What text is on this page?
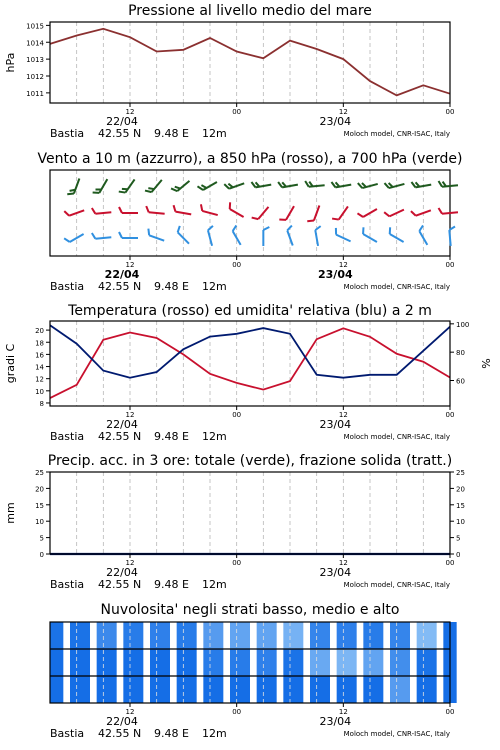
1011
1012
1013
1014
1015
Pressione al livello medio del mare
hPa
12	00	12	00
22/04	23/04
Bastia 42.55 N 9.48 E 12m	Moloch model, CNR-ISAC, Italy
Vento a 10 m (azzurro), a 850 hPa (rosso), a 700 hPa (verde)
12	00	12	00
22/04	23/04
Bastia 42.55 N 9.48 E 12m	Moloch model, CNR-ISAC, Italy
8
10
12
14
16
18
20
60
80
100
Temperatura (rosso) ed umidita' relativa (blu) a 2 m
gradi C	%
12	00	12	00
22/04	23/04
Bastia 42.55 N 9.48 E 12m	Moloch model, CNR-ISAC, Italy
0
5
10
15
20
25
0
5
10
15
20
25
Precip. acc. in 3 ore: totale (verde), frazione solida (tratt.)
mm
12	00	12	00
22/04	23/04
Bastia 42.55 N 9.48 E 12m	Moloch model, CNR-ISAC, Italy
Nuvolosita' negli strati basso, medio e alto
12	00	12	00
22/04	23/04
Bastia 42.55 N 9.48 E 12m	Moloch model, CNR-ISAC, Italy
